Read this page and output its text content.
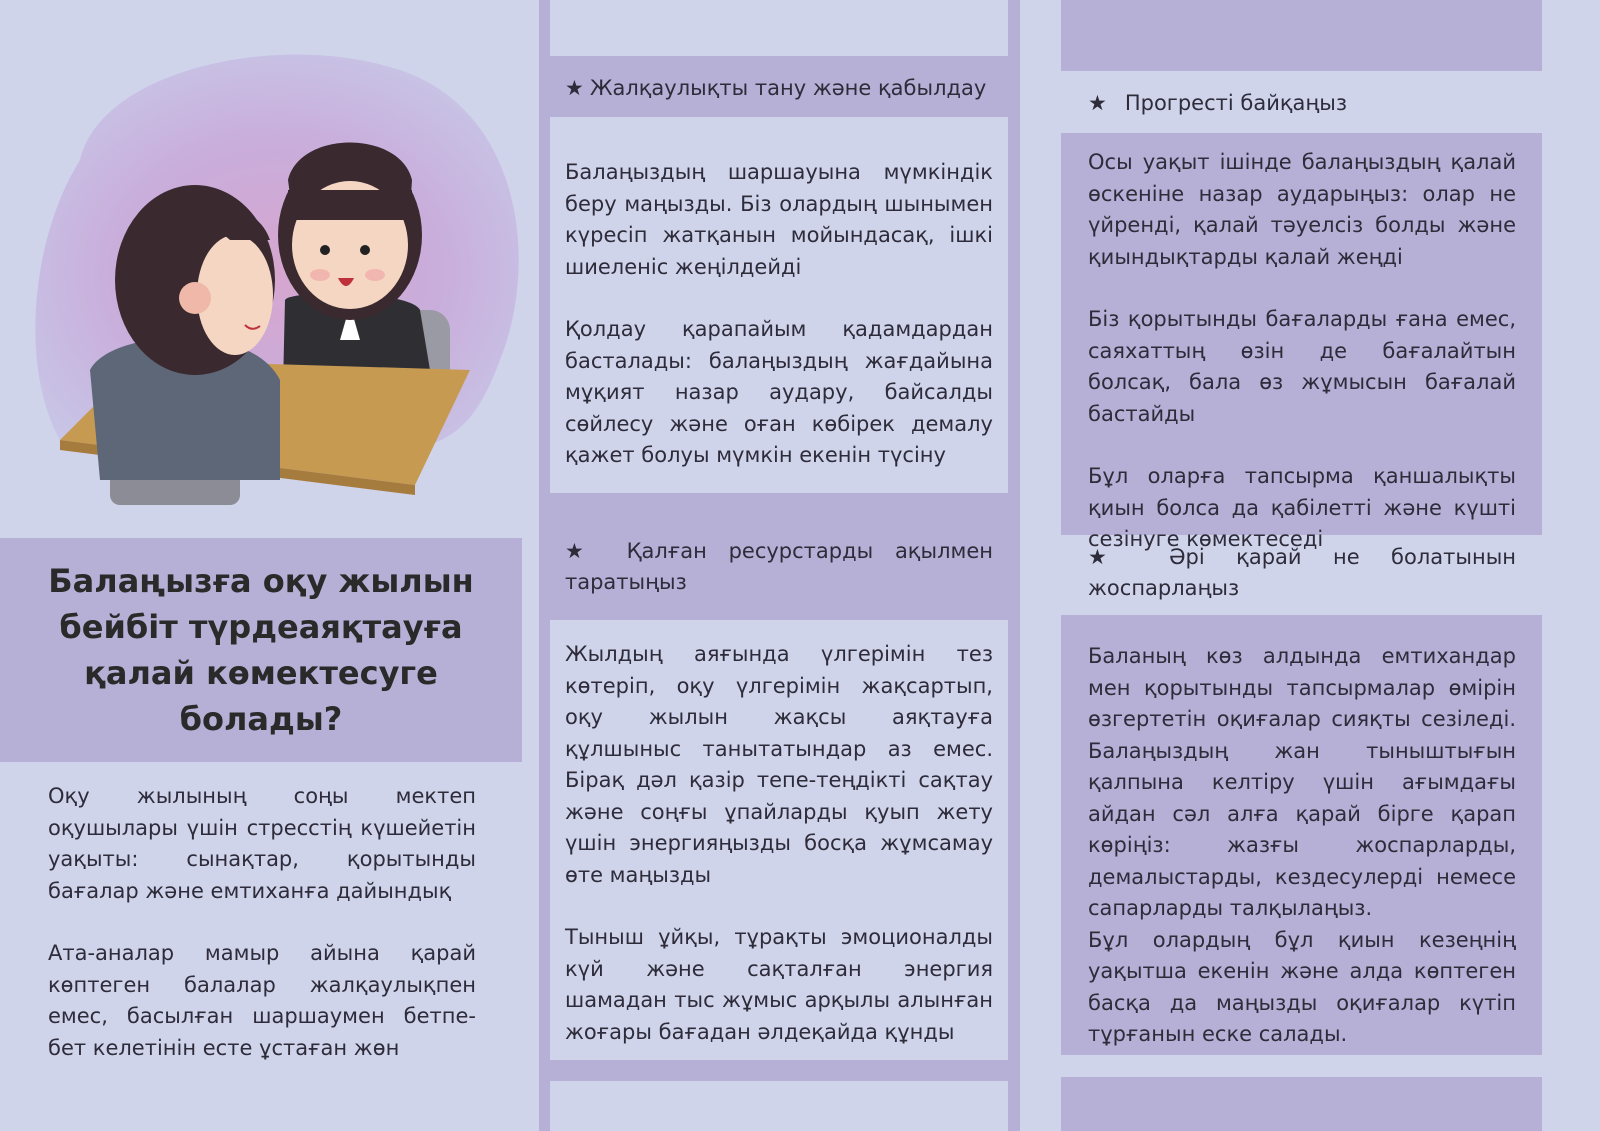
Балаңызға оқу жылын бейбіт түрдеаяқтауға қалай көмектесуге болады?

Оқу жылының соңы мектеп оқушылары үшін стресстің күшейетін уақыты: сынақтар, қорытынды бағалар және емтиханға дайындық

Ата-аналар мамыр айына қарай көптеген балалар жалқаулықпен емес, басылған шаршаумен бетпе-бет келетінін есте ұстаған жөн

★ Жалқаулықты тану және қабылдау

Балаңыздың шаршауына мүмкіндік беру маңызды. Біз олардың шынымен күресіп жатқанын мойындасақ, ішкі шиеленіс жеңілдейді

Қолдау қарапайым қадамдардан басталады: балаңыздың жағдайына мұқият назар аудару, байсалды сөйлесу және оған көбірек демалу қажет болуы мүмкін екенін түсіну

★ Қалған ресурстарды ақылмен таратыңыз

Жылдың аяғында үлгерімін тез көтеріп, оқу үлгерімін жақсартып, оқу жылын жақсы аяқтауға құлшыныс танытатындар аз емес. Бірақ дәл қазір тепе-теңдікті сақтау және соңғы ұпайларды қуып жету үшін энергияңызды босқа жұмсамау өте маңызды

Тыныш ұйқы, тұрақты эмоционалды күй және сақталған энергия шамадан тыс жұмыс арқылы алынған жоғары бағадан әлдеқайда құнды

★ Прогресті байқаңыз

Осы уақыт ішінде балаңыздың қалай өскеніне назар аударыңыз: олар не үйренді, қалай тәуелсіз болды және қиындықтарды қалай жеңді

Біз қорытынды бағаларды ғана емес, саяхаттың өзін де бағалайтын болсақ, бала өз жұмысын бағалай бастайды

Бұл оларға тапсырма қаншалықты қиын болса да қабілетті және күшті сезінуге көмектеседі

★ Әрі қарай не болатынын жоспарлаңыз

Баланың көз алдында емтихандар мен қорытынды тапсырмалар өмірін өзгертетін оқиғалар сияқты сезіледі. Балаңыздың жан тыныштығын қалпына келтіру үшін ағымдағы айдан сәл алға қарай бірге қарап көріңіз: жазғы жоспарларды, демалыстарды, кездесулерді немесе сапарларды талқылаңыз.

Бұл олардың бұл қиын кезеңнің уақытша екенін және алда көптеген басқа да маңызды оқиғалар күтіп тұрғанын еске салады.
